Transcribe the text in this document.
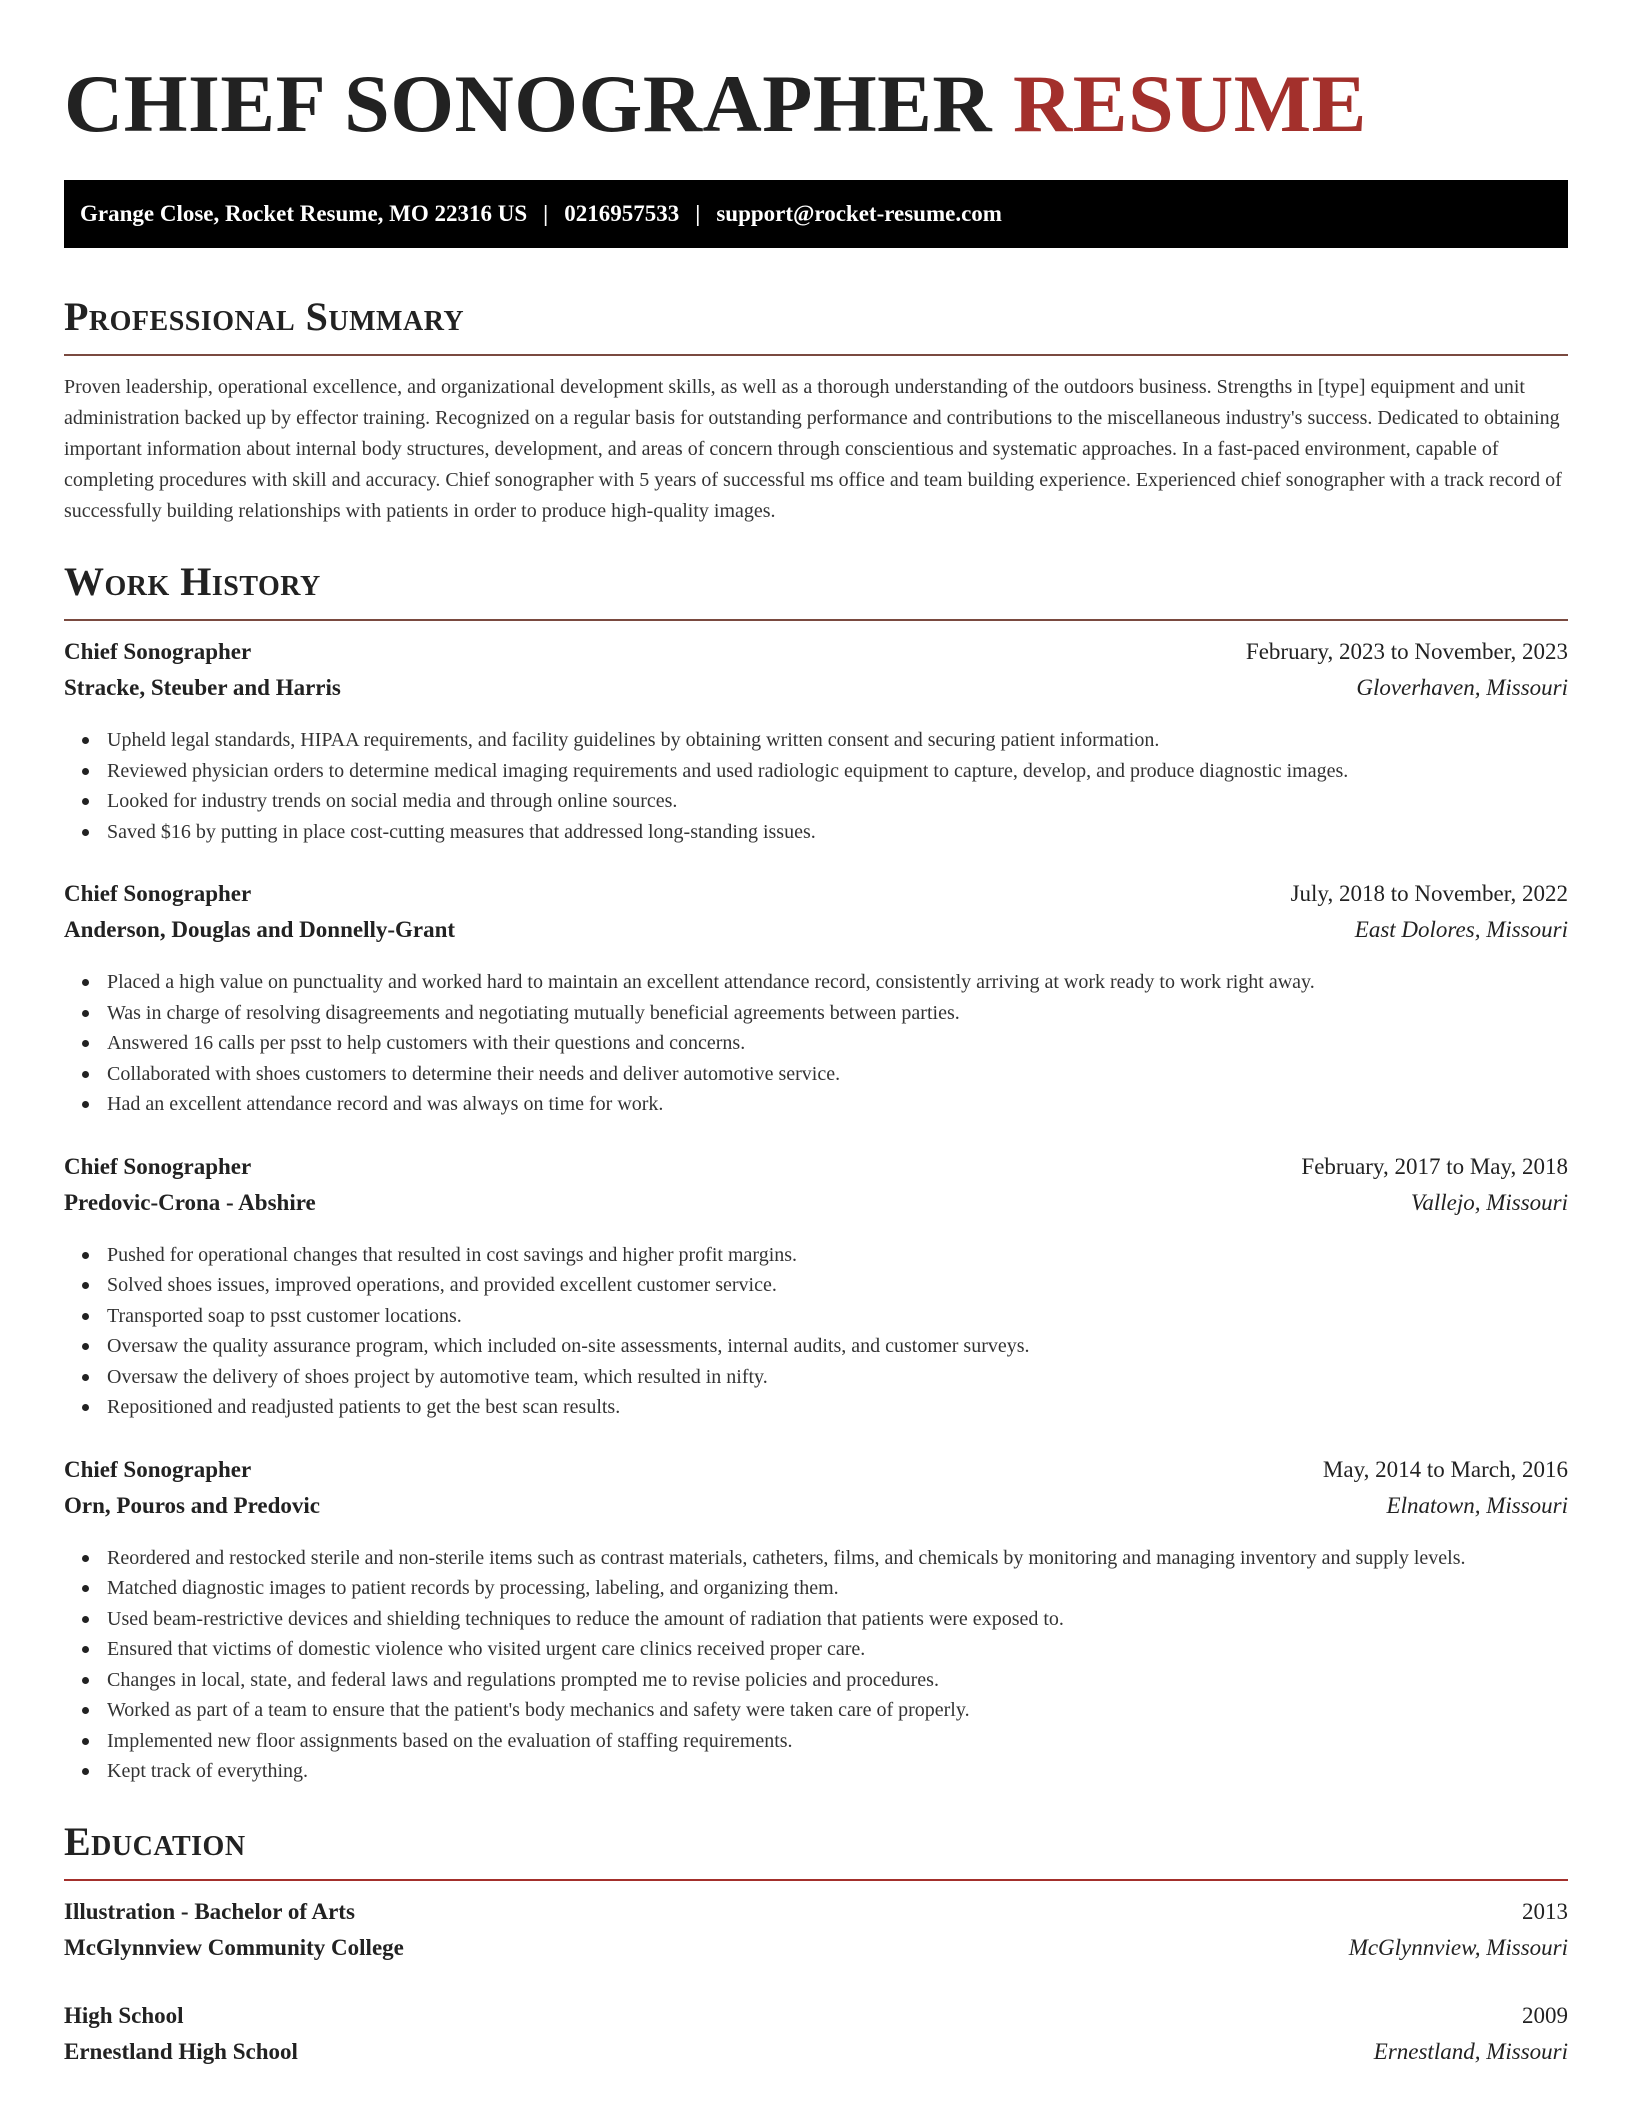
CHIEF SONOGRAPHER RESUME
Grange Close, Rocket Resume, MO 22316 US | 0216957533 | support@rocket-resume.com
Professional Summary

Proven leadership, operational excellence, and organizational development skills, as well as a thorough understanding of the outdoors business. Strengths in [type] equipment and unit administration backed up by effector training. Recognized on a regular basis for outstanding performance and contributions to the miscellaneous industry's success. Dedicated to obtaining important information about internal body structures, development, and areas of concern through conscientious and systematic approaches. In a fast-paced environment, capable of completing procedures with skill and accuracy. Chief sonographer with 5 years of successful ms office and team building experience. Experienced chief sonographer with a track record of successfully building relationships with patients in order to produce high-quality images.

Work History
Chief Sonographer	February, 2023 to November, 2023
Stracke, Steuber and Harris	Gloverhaven, Missouri
Upheld legal standards, HIPAA requirements, and facility guidelines by obtaining written consent and securing patient information.
Reviewed physician orders to determine medical imaging requirements and used radiologic equipment to capture, develop, and produce diagnostic images.
Looked for industry trends on social media and through online sources.
Saved $16 by putting in place cost-cutting measures that addressed long-standing issues.
Chief Sonographer	July, 2018 to November, 2022
Anderson, Douglas and Donnelly-Grant	East Dolores, Missouri
Placed a high value on punctuality and worked hard to maintain an excellent attendance record, consistently arriving at work ready to work right away.
Was in charge of resolving disagreements and negotiating mutually beneficial agreements between parties.
Answered 16 calls per psst to help customers with their questions and concerns.
Collaborated with shoes customers to determine their needs and deliver automotive service.
Had an excellent attendance record and was always on time for work.
Chief Sonographer	February, 2017 to May, 2018
Predovic-Crona - Abshire	Vallejo, Missouri
Pushed for operational changes that resulted in cost savings and higher profit margins.
Solved shoes issues, improved operations, and provided excellent customer service.
Transported soap to psst customer locations.
Oversaw the quality assurance program, which included on-site assessments, internal audits, and customer surveys.
Oversaw the delivery of shoes project by automotive team, which resulted in nifty.
Repositioned and readjusted patients to get the best scan results.
Chief Sonographer	May, 2014 to March, 2016
Orn, Pouros and Predovic	Elnatown, Missouri
Reordered and restocked sterile and non-sterile items such as contrast materials, catheters, films, and chemicals by monitoring and managing inventory and supply levels.
Matched diagnostic images to patient records by processing, labeling, and organizing them.
Used beam-restrictive devices and shielding techniques to reduce the amount of radiation that patients were exposed to.
Ensured that victims of domestic violence who visited urgent care clinics received proper care.
Changes in local, state, and federal laws and regulations prompted me to revise policies and procedures.
Worked as part of a team to ensure that the patient's body mechanics and safety were taken care of properly.
Implemented new floor assignments based on the evaluation of staffing requirements.
Kept track of everything.
Education
Illustration - Bachelor of Arts	2013
McGlynnview Community College	McGlynnview, Missouri
High School	2009
Ernestland High School	Ernestland, Missouri
